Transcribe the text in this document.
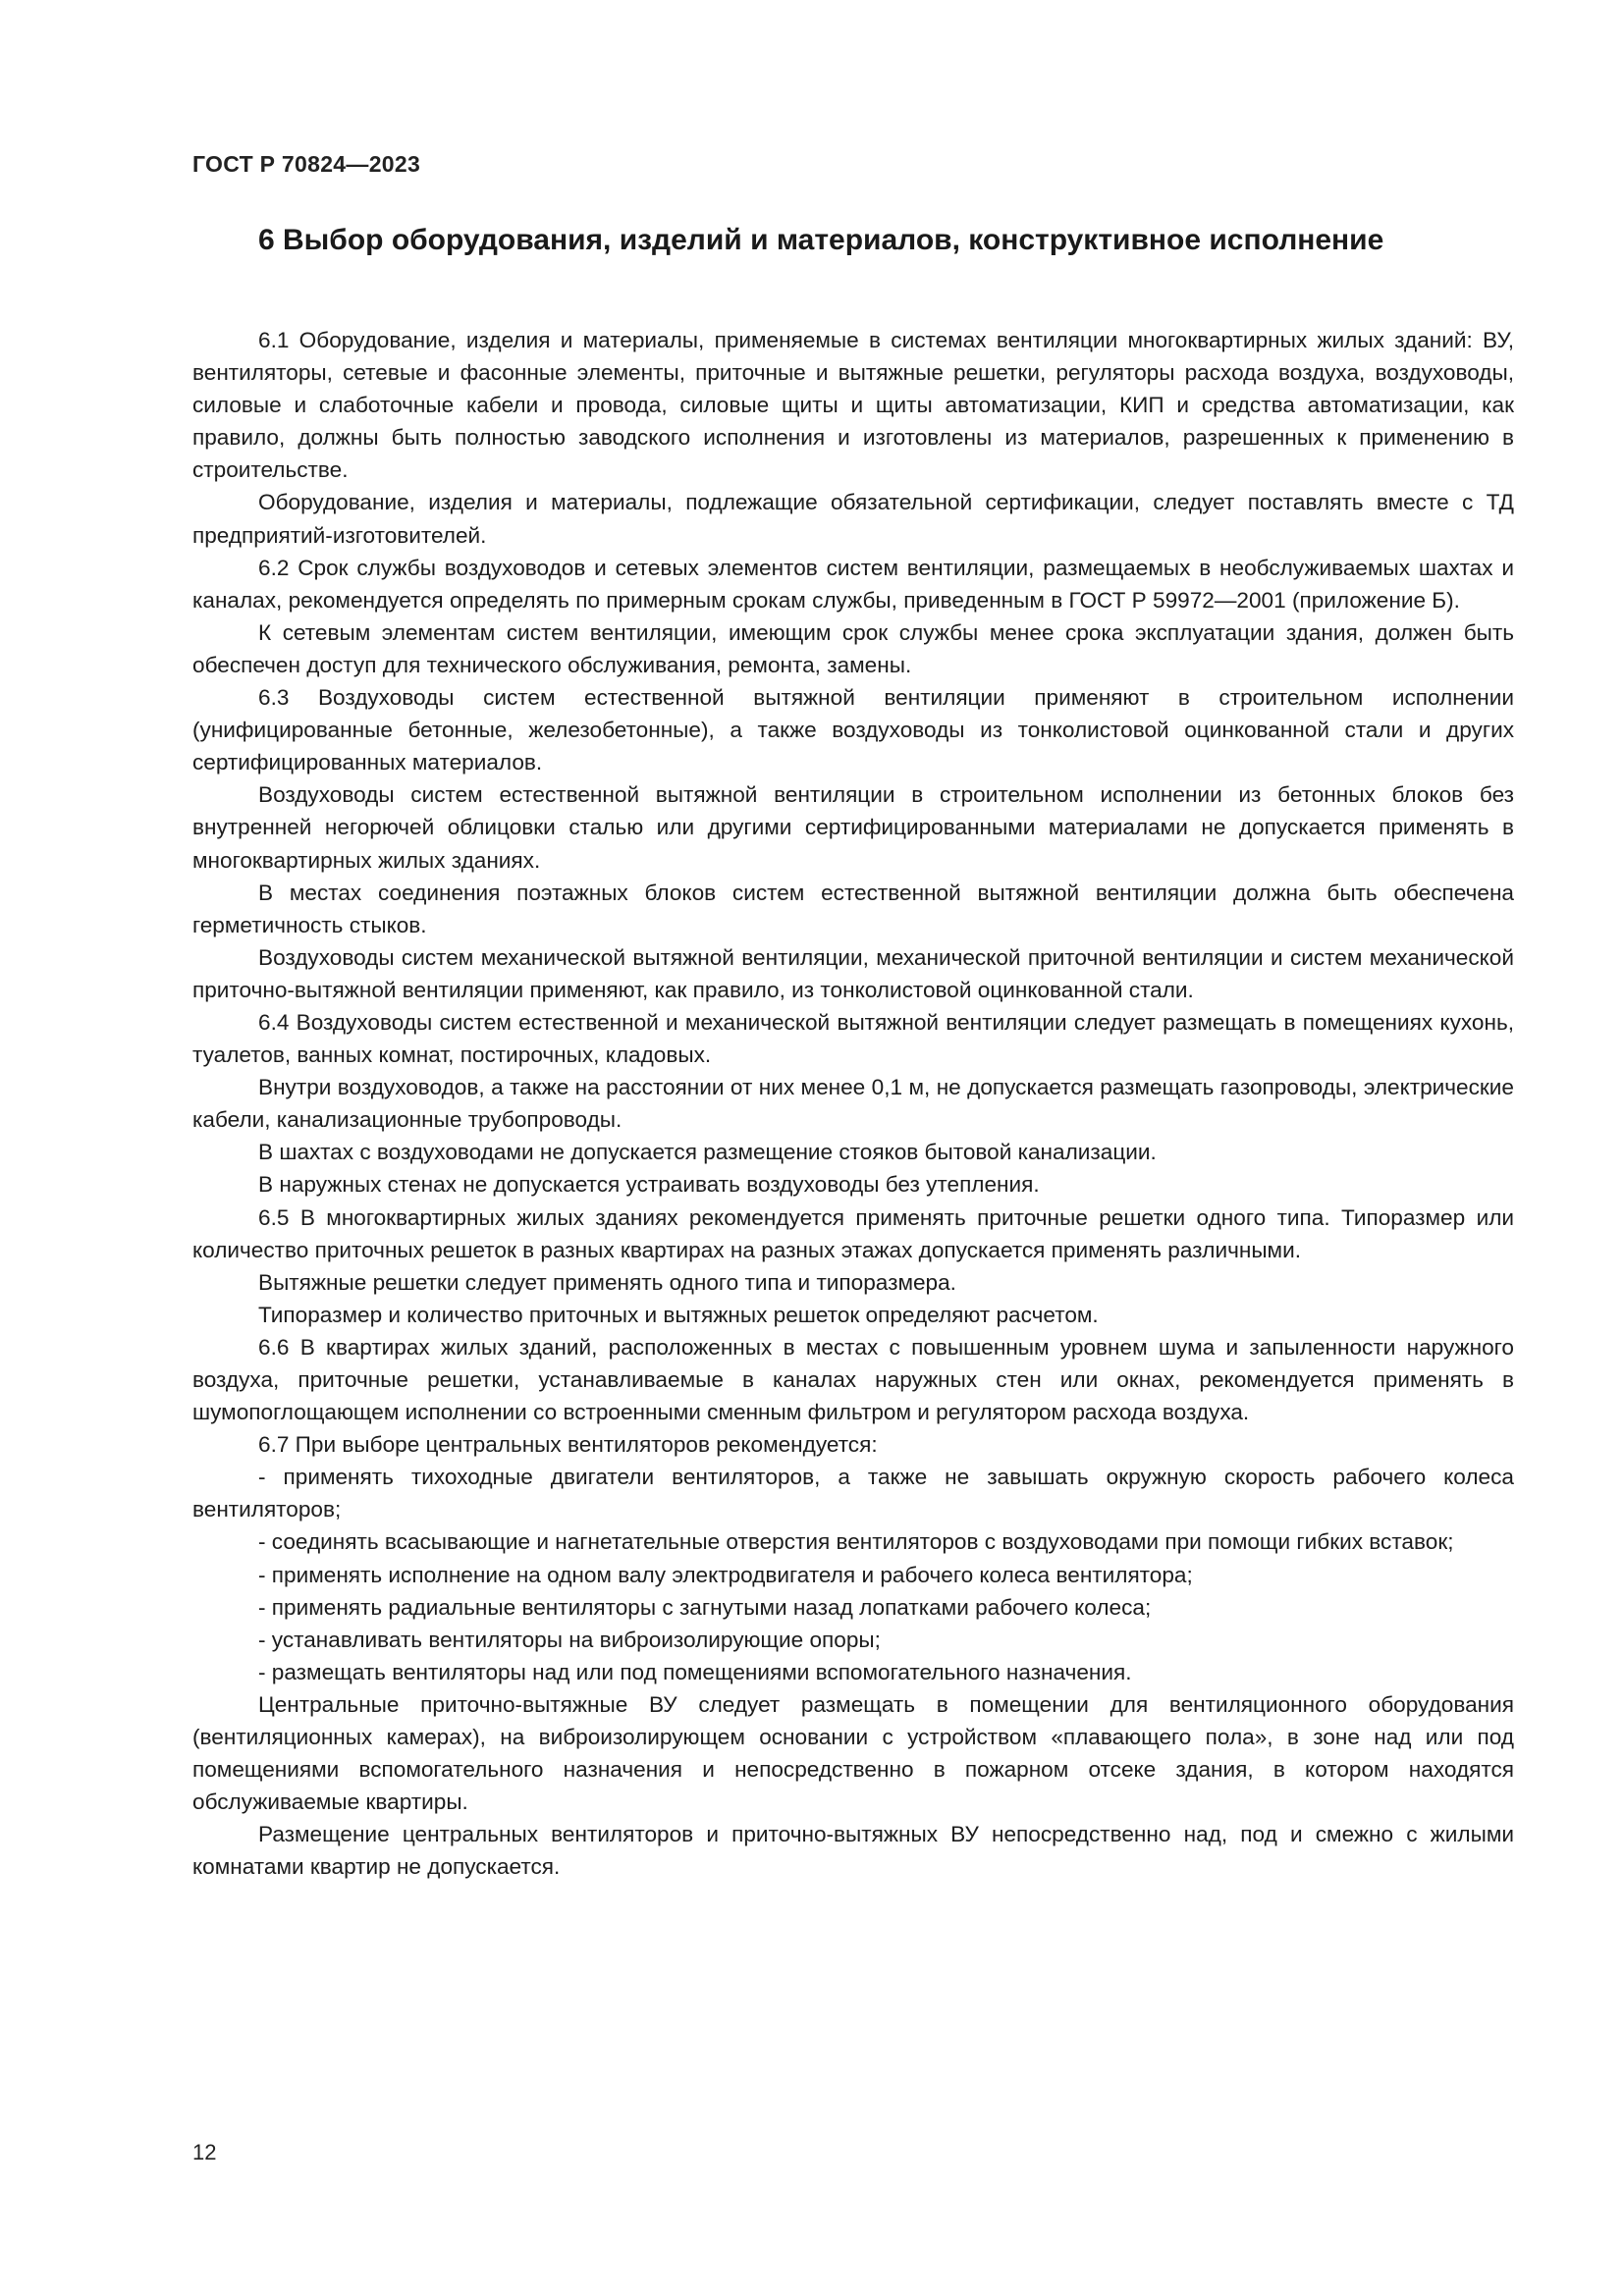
ГОСТ Р 70824—2023
6 Выбор оборудования, изделий и материалов, конструктивное исполнение

6.1 Оборудование, изделия и материалы, применяемые в системах вентиляции многоквартирных жилых зданий: ВУ, вентиляторы, сетевые и фасонные элементы, приточные и вытяжные решетки, регуляторы расхода воздуха, воздуховоды, силовые и слаботочные кабели и провода, силовые щиты и щиты автоматизации, КИП и средства автоматизации, как правило, должны быть полностью заводского исполнения и изготовлены из материалов, разрешенных к применению в строительстве.

Оборудование, изделия и материалы, подлежащие обязательной сертификации, следует поставлять вместе с ТД предприятий-изготовителей.

6.2 Срок службы воздуховодов и сетевых элементов систем вентиляции, размещаемых в необслуживаемых шахтах и каналах, рекомендуется определять по примерным срокам службы, приведенным в ГОСТ Р 59972—2001 (приложение Б).

К сетевым элементам систем вентиляции, имеющим срок службы менее срока эксплуатации здания, должен быть обеспечен доступ для технического обслуживания, ремонта, замены.

6.3 Воздуховоды систем естественной вытяжной вентиляции применяют в строительном исполнении (унифицированные бетонные, железобетонные), а также воздуховоды из тонколистовой оцинкованной стали и других сертифицированных материалов.

Воздуховоды систем естественной вытяжной вентиляции в строительном исполнении из бетонных блоков без внутренней негорючей облицовки сталью или другими сертифицированными материалами не допускается применять в многоквартирных жилых зданиях.

В местах соединения поэтажных блоков систем естественной вытяжной вентиляции должна быть обеспечена герметичность стыков.

Воздуховоды систем механической вытяжной вентиляции, механической приточной вентиляции и систем механической приточно-вытяжной вентиляции применяют, как правило, из тонколистовой оцинкованной стали.

6.4 Воздуховоды систем естественной и механической вытяжной вентиляции следует размещать в помещениях кухонь, туалетов, ванных комнат, постирочных, кладовых.

Внутри воздуховодов, а также на расстоянии от них менее 0,1 м, не допускается размещать газопроводы, электрические кабели, канализационные трубопроводы.

В шахтах с воздуховодами не допускается размещение стояков бытовой канализации.

В наружных стенах не допускается устраивать воздуховоды без утепления.

6.5 В многоквартирных жилых зданиях рекомендуется применять приточные решетки одного типа. Типоразмер или количество приточных решеток в разных квартирах на разных этажах допускается применять различными.

Вытяжные решетки следует применять одного типа и типоразмера.

Типоразмер и количество приточных и вытяжных решеток определяют расчетом.

6.6 В квартирах жилых зданий, расположенных в местах с повышенным уровнем шума и запыленности наружного воздуха, приточные решетки, устанавливаемые в каналах наружных стен или окнах, рекомендуется применять в шумопоглощающем исполнении со встроенными сменным фильтром и регулятором расхода воздуха.

6.7 При выборе центральных вентиляторов рекомендуется:

- применять тихоходные двигатели вентиляторов, а также не завышать окружную скорость рабочего колеса вентиляторов;

- соединять всасывающие и нагнетательные отверстия вентиляторов с воздуховодами при помощи гибких вставок;

- применять исполнение на одном валу электродвигателя и рабочего колеса вентилятора;

- применять радиальные вентиляторы с загнутыми назад лопатками рабочего колеса;

- устанавливать вентиляторы на виброизолирующие опоры;

- размещать вентиляторы над или под помещениями вспомогательного назначения.

Центральные приточно-вытяжные ВУ следует размещать в помещении для вентиляционного оборудования (вентиляционных камерах), на виброизолирующем основании с устройством «плавающего пола», в зоне над или под помещениями вспомогательного назначения и непосредственно в пожарном отсеке здания, в котором находятся обслуживаемые квартиры.

Размещение центральных вентиляторов и приточно-вытяжных ВУ непосредственно над, под и смежно с жилыми комнатами квартир не допускается.

12
